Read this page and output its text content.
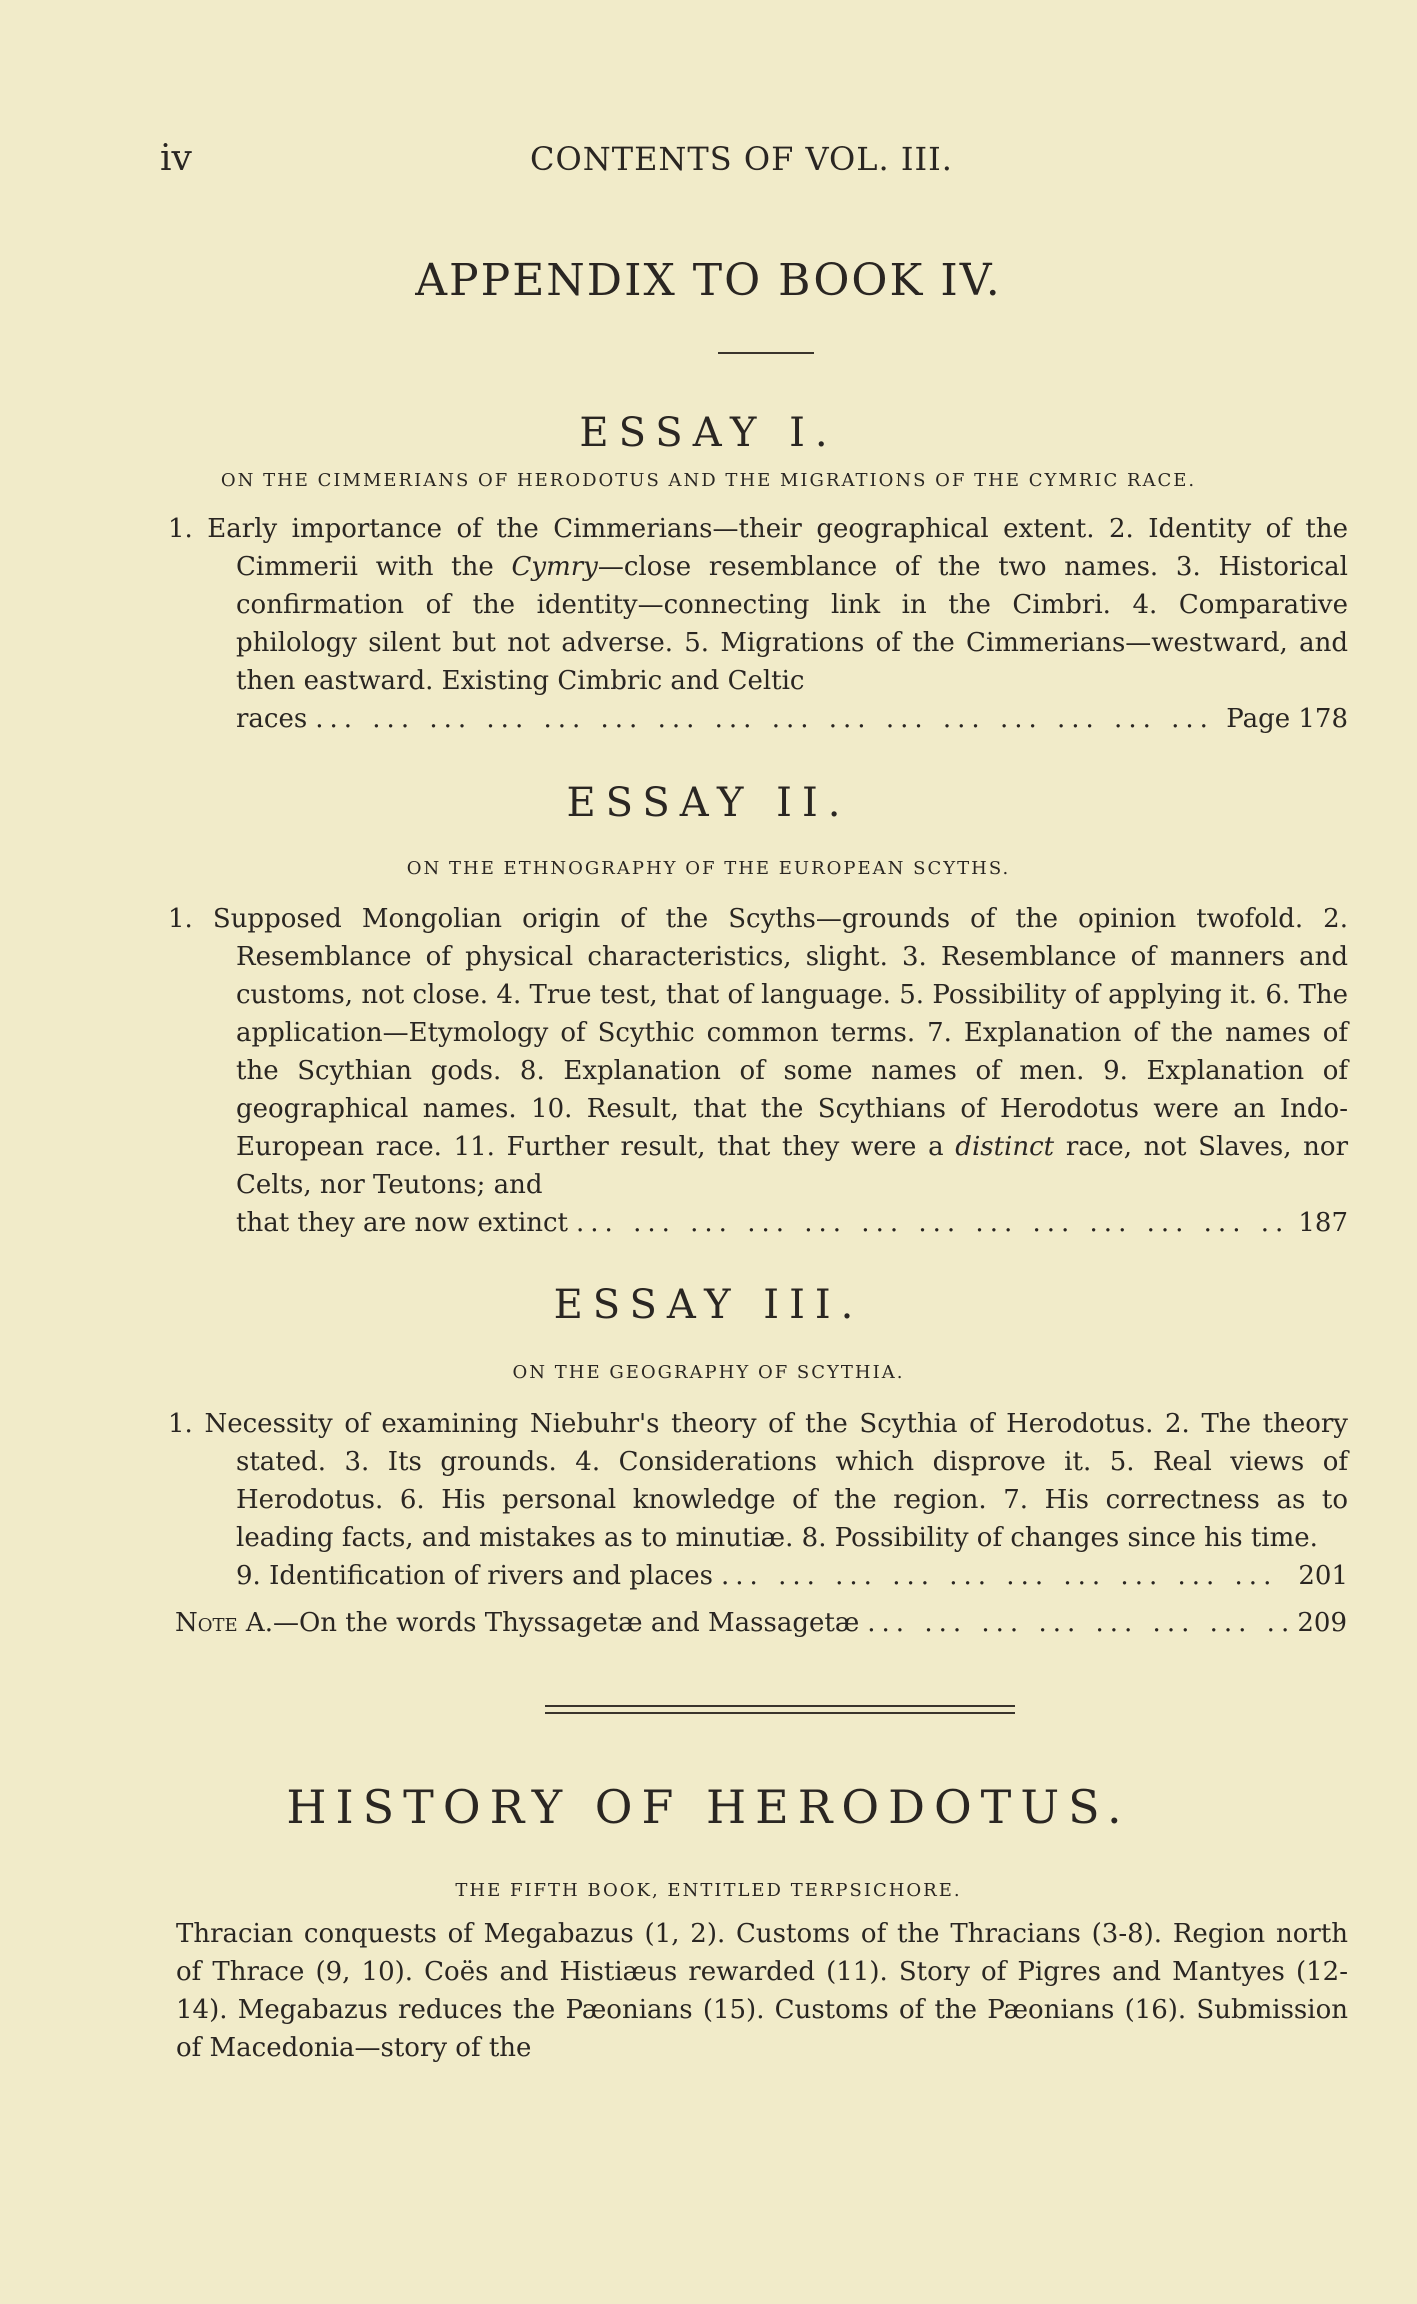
iv	CONTENTS OF VOL. III.
APPENDIX TO BOOK IV.
ESSAY I.
ON THE CIMMERIANS OF HERODOTUS AND THE MIGRATIONS OF THE CYMRIC RACE.
1. Early importance of the Cimmerians—their geographical extent. 2. Identity of the Cimmerii with the Cymry—close resemblance of the two names. 3. Historical confirmation of the identity—connecting link in the Cimbri. 4. Comparative philology silent but not adverse. 5. Migrations of the Cimmerians—westward, and then eastward. Existing Cimbric and Celtic
races ... .	Page 178
ESSAY II.
ON THE ETHNOGRAPHY OF THE EUROPEAN SCYTHS.
1. Supposed Mongolian origin of the Scyths—grounds of the opinion twofold. 2. Resemblance of physical characteristics, slight. 3. Resemblance of manners and customs, not close. 4. True test, that of language. 5. Possibility of applying it. 6. The application—Etymology of Scythic common terms. 7. Explanation of the names of the Scythian gods. 8. Explanation of some names of men. 9. Explanation of geographical names. 10. Result, that the Scythians of Herodotus were an Indo-European race. 11. Further result, that they were a distinct race, not Slaves, nor Celts, nor Teutons; and
that they are now extinct ... .	187
ESSAY III.
ON THE GEOGRAPHY OF SCYTHIA.
1. Necessity of examining Niebuhr's theory of the Scythia of Herodotus. 2. The theory stated. 3. Its grounds. 4. Considerations which disprove it. 5. Real views of Herodotus. 6. His personal knowledge of the region. 7. His correctness as to leading facts, and mistakes as to minutiæ. 8. Possibility of changes since his time.
9. Identification of rivers and places ... .	201
Note A. —On the words Thyssagetæ and Massagetæ ... .	209
HISTORY OF HERODOTUS.
THE FIFTH BOOK, ENTITLED TERPSICHORE.
Thracian conquests of Megabazus (1, 2). Customs of the Thracians (3-8). Region north of Thrace (9, 10). Coës and Histiæus rewarded (11). Story of Pigres and Mantyes (12-14). Megabazus reduces the Pæonians (15). Customs of the Pæonians (16). Submission of Macedonia—story of the
